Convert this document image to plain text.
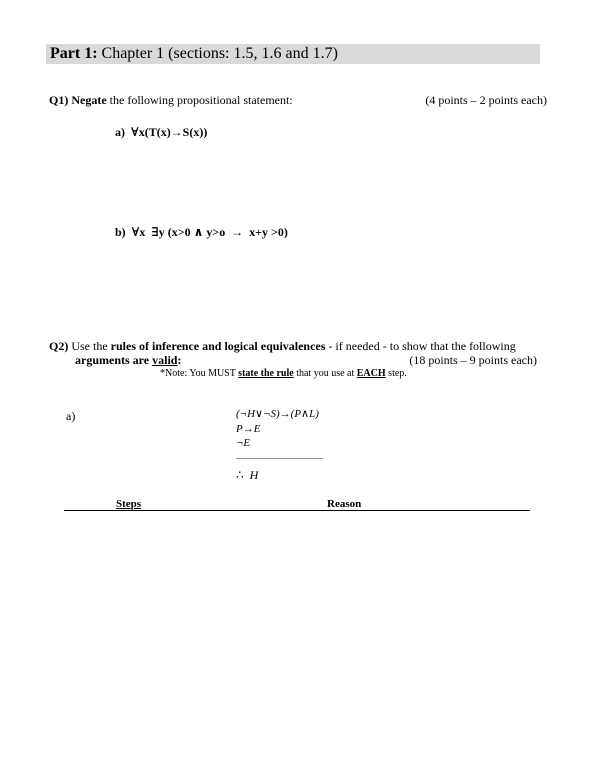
Part 1: Chapter 1 (sections: 1.5, 1.6 and 1.7)
Q1) Negate the following propositional statement:	(4 points – 2 points each)
a) ∀x(T(x)→S(x))
b) ∀x  ∃y (x>0 ∧ y>o  →  x+y >0)
Q2) Use the rules of inference and logical equivalences - if needed - to show that the following
arguments are valid:	(18 points – 9 points each)
*Note: You MUST state the rule that you use at EACH step.
a)	(¬H∨¬S)→(P∧L)
P→E
¬E
∴ H
Steps	Reason
